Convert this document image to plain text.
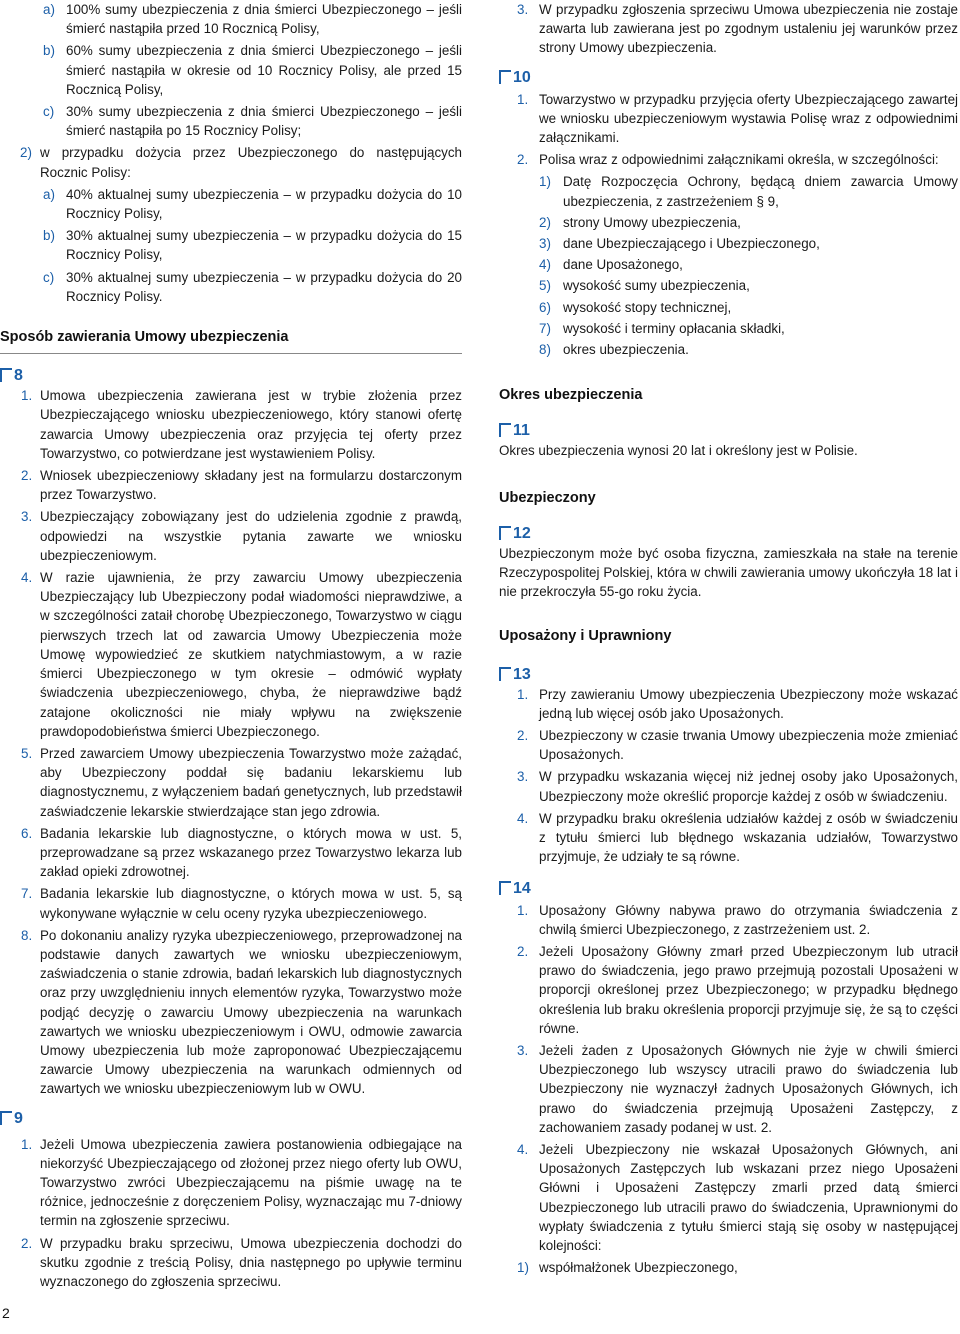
a) 100% sumy ubezpieczenia z dnia śmierci Ubezpieczonego – jeśli śmierć nastąpiła przed 10 Rocznicą Polisy,
b) 60% sumy ubezpieczenia z dnia śmierci Ubezpieczonego – jeśli śmierć nastąpiła w okresie od 10 Rocznicy Polisy, ale przed 15 Rocznicą Polisy,
c) 30% sumy ubezpieczenia z dnia śmierci Ubezpieczonego – jeśli śmierć nastąpiła po 15 Rocznicy Polisy;
2) w przypadku dożycia przez Ubezpieczonego do następujących Rocznic Polisy:
a) 40% aktualnej sumy ubezpieczenia – w przypadku dożycia do 10 Rocznicy Polisy,
b) 30% aktualnej sumy ubezpieczenia – w przypadku dożycia do 15 Rocznicy Polisy,
c) 30% aktualnej sumy ubezpieczenia – w przypadku dożycia do 20 Rocznicy Polisy.
Sposób zawierania Umowy ubezpieczenia
8
1. Umowa ubezpieczenia zawierana jest w trybie złożenia przez Ubezpieczającego wniosku ubezpieczeniowego, który stanowi ofertę zawarcia Umowy ubezpieczenia oraz przyjęcia tej oferty przez Towarzystwo, co potwierdzane jest wystawieniem Polisy.
2. Wniosek ubezpieczeniowy składany jest na formularzu dostarczonym przez Towarzystwo.
3. Ubezpieczający zobowiązany jest do udzielenia zgodnie z prawdą, odpowiedzi na wszystkie pytania zawarte we wniosku ubezpieczeniowym.
4. W razie ujawnienia, że przy zawarciu Umowy ubezpieczenia Ubezpieczający lub Ubezpieczony podał wiadomości nieprawdziwe, a w szczególności zataił chorobę Ubezpieczonego, Towarzystwo w ciągu pierwszych trzech lat od zawarcia Umowy Ubezpieczenia może Umowę wypowiedzieć ze skutkiem natychmiastowym, a w razie śmierci Ubezpieczonego w tym okresie – odmówić wypłaty świadczenia ubezpieczeniowego, chyba, że nieprawdziwe bądź zatajone okoliczności nie miały wpływu na zwiększenie prawdopodobieństwa śmierci Ubezpieczonego.
5. Przed zawarciem Umowy ubezpieczenia Towarzystwo może zażądać, aby Ubezpieczony poddał się badaniu lekarskiemu lub diagnostycznemu, z wyłączeniem badań genetycznych, lub przedstawił zaświadczenie lekarskie stwierdzające stan jego zdrowia.
6. Badania lekarskie lub diagnostyczne, o których mowa w ust. 5, przeprowadzane są przez wskazanego przez Towarzystwo lekarza lub zakład opieki zdrowotnej.
7. Badania lekarskie lub diagnostyczne, o których mowa w ust. 5, są wykonywane wyłącznie w celu oceny ryzyka ubezpieczeniowego.
8. Po dokonaniu analizy ryzyka ubezpieczeniowego, przeprowadzonej na podstawie danych zawartych we wniosku ubezpieczeniowym, zaświadczenia o stanie zdrowia, badań lekarskich lub diagnostycznych oraz przy uwzględnieniu innych elementów ryzyka, Towarzystwo może podjąć decyzję o zawarciu Umowy ubezpieczenia na warunkach zawartych we wniosku ubezpieczeniowym i OWU, odmowie zawarcia Umowy ubezpieczenia lub może zaproponować Ubezpieczającemu zawarcie Umowy ubezpieczenia na warunkach odmiennych od zawartych we wniosku ubezpieczeniowym lub w OWU.
9
1. Jeżeli Umowa ubezpieczenia zawiera postanowienia odbiegające na niekorzyść Ubezpieczającego od złożonej przez niego oferty lub OWU, Towarzystwo zwróci Ubezpieczającemu na piśmie uwagę na te różnice, jednocześnie z doręczeniem Polisy, wyznaczając mu 7-dniowy termin na zgłoszenie sprzeciwu.
2. W przypadku braku sprzeciwu, Umowa ubezpieczenia dochodzi do skutku zgodnie z treścią Polisy, dnia następnego po upływie terminu wyznaczonego do zgłoszenia sprzeciwu.
3. W przypadku zgłoszenia sprzeciwu Umowa ubezpieczenia nie zostaje zawarta lub zawierana jest po zgodnym ustaleniu jej warunków przez strony Umowy ubezpieczenia.
10
1. Towarzystwo w przypadku przyjęcia oferty Ubezpieczającego zawartej we wniosku ubezpieczeniowym wystawia Polisę wraz z odpowiednimi załącznikami.
2. Polisa wraz z odpowiednimi załącznikami określa, w szczególności:
1) Datę Rozpoczęcia Ochrony, będącą dniem zawarcia Umowy ubezpieczenia, z zastrzeżeniem § 9,
2) strony Umowy ubezpieczenia,
3) dane Ubezpieczającego i Ubezpieczonego,
4) dane Uposażonego,
5) wysokość sumy ubezpieczenia,
6) wysokość stopy technicznej,
7) wysokość i terminy opłacania składki,
8) okres ubezpieczenia.
Okres ubezpieczenia
11
Okres ubezpieczenia wynosi 20 lat i określony jest w Polisie.
Ubezpieczony
12
Ubezpieczonym może być osoba fizyczna, zamieszkała na stałe na terenie Rzeczypospolitej Polskiej, która w chwili zawierania umowy ukończyła 18 lat i nie przekroczyła 55-go roku życia.
Uposażony i Uprawniony
13
1. Przy zawieraniu Umowy ubezpieczenia Ubezpieczony może wskazać jedną lub więcej osób jako Uposażonych.
2. Ubezpieczony w czasie trwania Umowy ubezpieczenia może zmieniać Uposażonych.
3. W przypadku wskazania więcej niż jednej osoby jako Uposażonych, Ubezpieczony może określić proporcje każdej z osób w świadczeniu.
4. W przypadku braku określenia udziałów każdej z osób w świadczeniu z tytułu śmierci lub błędnego wskazania udziałów, Towarzystwo przyjmuje, że udziały te są równe.
14
1. Uposażony Główny nabywa prawo do otrzymania świadczenia z chwilą śmierci Ubezpieczonego, z zastrzeżeniem ust. 2.
2. Jeżeli Uposażony Główny zmarł przed Ubezpieczonym lub utracił prawo do świadczenia, jego prawo przejmują pozostali Uposażeni w proporcji określonej przez Ubezpieczonego; w przypadku błędnego określenia lub braku określenia proporcji przyjmuje się, że są to części równe.
3. Jeżeli żaden z Uposażonych Głównych nie żyje w chwili śmierci Ubezpieczonego lub wszyscy utracili prawo do świadczenia lub Ubezpieczony nie wyznaczył żadnych Uposażonych Głównych, ich prawo do świadczenia przejmują Uposażeni Zastępczy, z zachowaniem zasady podanej w ust. 2.
4. Jeżeli Ubezpieczony nie wskazał Uposażonych Głównych, ani Uposażonych Zastępczych lub wskazani przez niego Uposażeni Główni i Uposażeni Zastępczy zmarli przed datą śmierci Ubezpieczonego lub utracili prawo do świadczenia, Uprawnionymi do wypłaty świadczenia z tytułu śmierci stają się osoby w następującej kolejności:
1) współmałżonek Ubezpieczonego,
2
